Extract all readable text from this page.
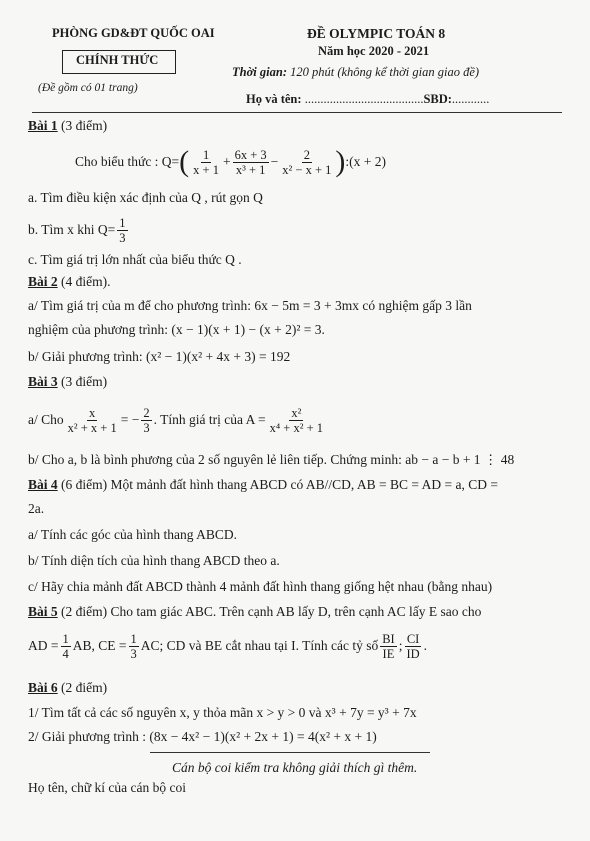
PHÒNG GD&ĐT QUỐC OAI
CHÍNH THỨC
(Đề gồm có 01 trang)
ĐỀ OLYMPIC TOÁN 8
Năm học 2020 - 2021
Thời gian: 120 phút (không kể thời gian giao đề)
Họ và tên: ......................................SBD:............
Bài 1 (3 điểm)
Cho biểu thức : Q= ( $\frac{1}{x + 1} + \frac{6x + 3}{\text{x³ + 1}} - \frac{2}{\text{x² − x + 1}}$ ) :(x + 2)
a. Tìm điều kiện xác định của Q , rút gọn Q
b. Tìm x khi $Q= \frac{1}{3}$
c. Tìm giá trị lớn nhất của biểu thức Q .
Bài 2 (4 điểm).
a/ Tìm giá trị của m để cho phương trình: 6x − 5m = 3 + 3mx có nghiệm gấp 3 lần
nghiệm của phương trình: (x − 1)(x + 1) − (x + 2)² = 3.
b/ Giải phương trình: (x² − 1)(x² + 4x + 3) = 192
Bài 3 (3 điểm)
a/ Cho $\frac{x}{\text{x² + x + 1}}$ = − $\frac{2}{3}$ . Tính giá trị của $A = \frac{\text{x²}}{\text{x⁴ + x² + 1}}$
b/ Cho a, b là bình phương của 2 số nguyên lẻ liên tiếp. Chứng minh: ab − a − b + 1 ⋮ 48
Bài 4 (6 điểm) Một mảnh đất hình thang ABCD có AB//CD, AB = BC = AD = a, CD =
2a.
a/ Tính các góc của hình thang ABCD.
b/ Tính diện tích của hình thang ABCD theo a.
c/ Hãy chia mảnh đất ABCD thành 4 mảnh đất hình thang giống hệt nhau (bằng nhau)
Bài 5 (2 điểm) Cho tam giác ABC. Trên cạnh AB lấy D, trên cạnh AC lấy E sao cho
AD = $\frac{1}{4}$ AB, CE = $\frac{1}{3}$ AC; CD và BE cắt nhau tại I. Tính các tỷ số $\frac{BI}{IE}$ ; $\frac{CI}{ID}$ .
Bài 6 (2 điểm)
1/ Tìm tất cả các số nguyên x, y thỏa mãn x > y > 0 và x³ + 7y = y³ + 7x
2/ Giải phương trình : (8x − 4x² − 1)(x² + 2x + 1) = 4(x² + x + 1)
Cán bộ coi kiểm tra không giải thích gì thêm.
Họ tên, chữ kí của cán bộ coi
